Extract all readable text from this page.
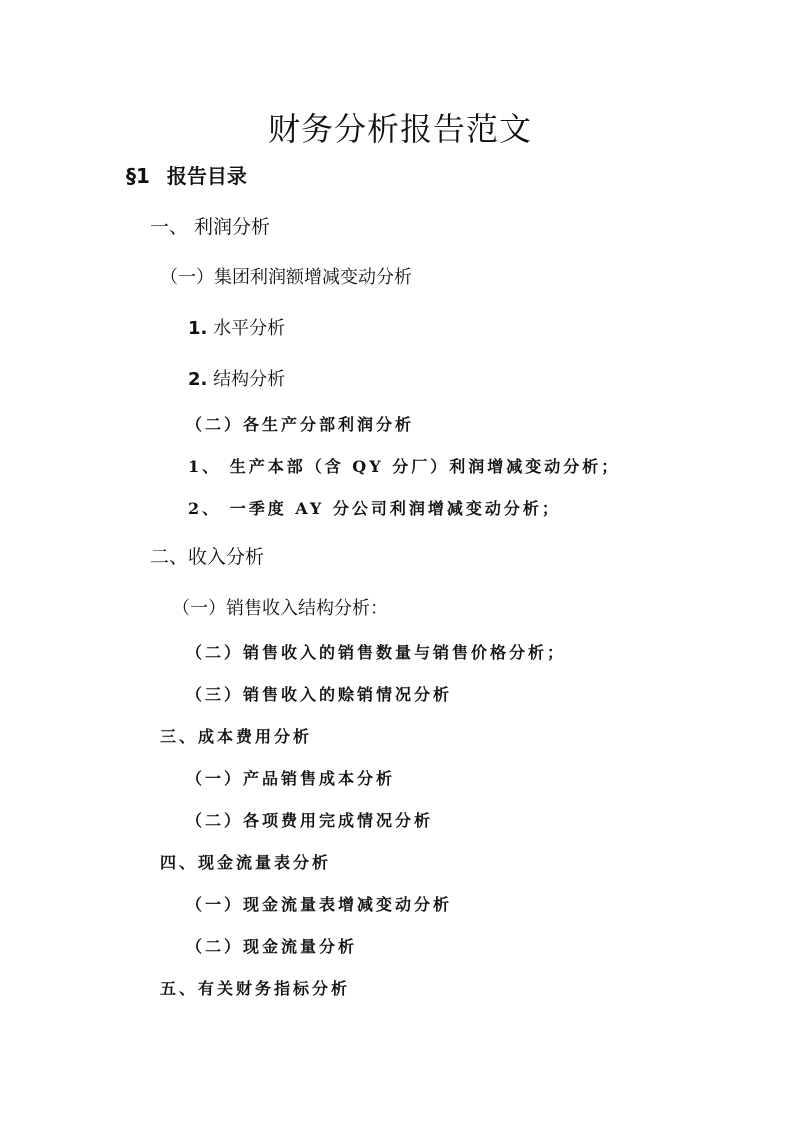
财务分析报告范文
§1 报告目录
一、 利润分析
（一）集团利润额增减变动分析
1. 水平分析
2. 结构分析
（二）各生产分部利润分析
1、 生产本部（含 QY 分厂）利润增减变动分析；
2、 一季度 AY 分公司利润增减变动分析；
二、收入分析
（一）销售收入结构分析：
（二）销售收入的销售数量与销售价格分析；
（三）销售收入的赊销情况分析
三、成本费用分析
（一）产品销售成本分析
（二）各项费用完成情况分析
四、现金流量表分析
（一）现金流量表增减变动分析
（二）现金流量分析
五、有关财务指标分析
